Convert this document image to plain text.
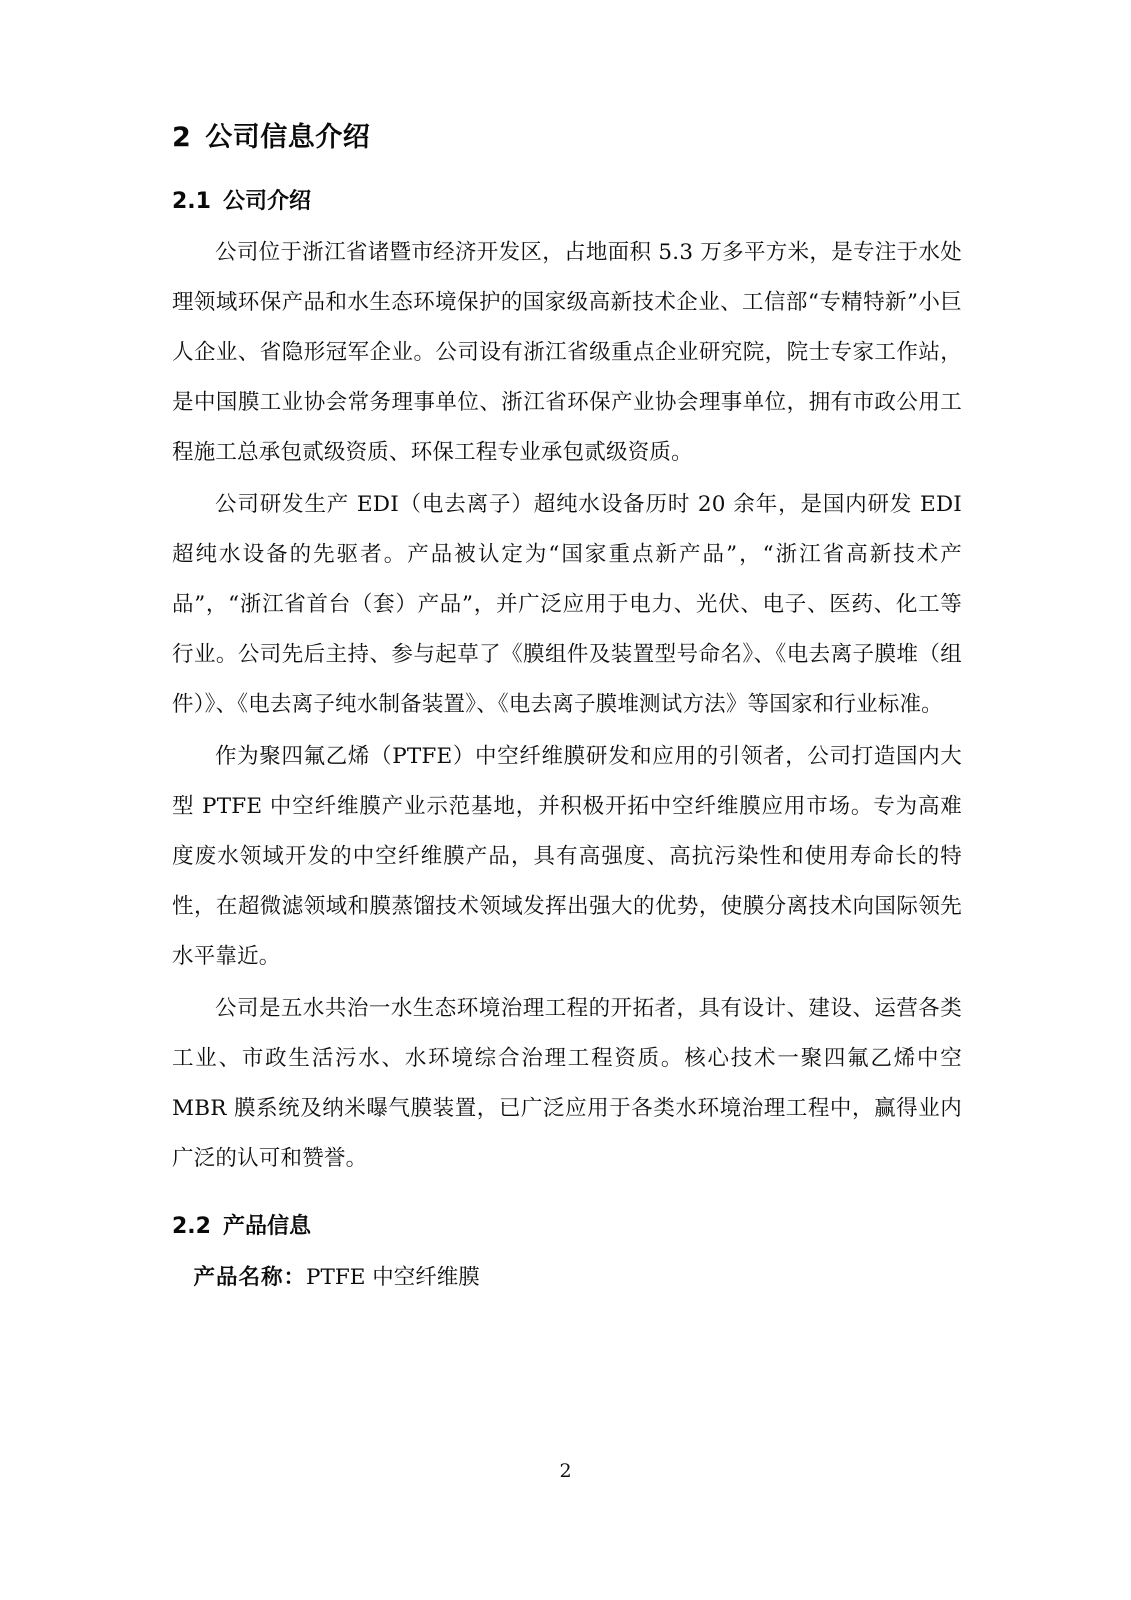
2 公司信息介绍
2.1 公司介绍

公司位于浙江省诸暨市经济开发区，占地面积 5.3 万多平方米，是专注于水处理领域环保产品和水生态环境保护的国家级高新技术企业、工信部“专精特新”小巨人企业、省隐形冠军企业。公司设有浙江省级重点企业研究院，院士专家工作站，是中国膜工业协会常务理事单位、浙江省环保产业协会理事单位，拥有市政公用工程施工总承包贰级资质、环保工程专业承包贰级资质。

公司研发生产 EDI（电去离子）超纯水设备历时 20 余年，是国内研发 EDI 超纯水设备的先驱者。产品被认定为“国家重点新产品”，“浙江省高新技术产品”，“浙江省首台（套）产品”，并广泛应用于电力、光伏、电子、医药、化工等行业。公司先后主持、参与起草了《膜组件及装置型号命名》、《电去离子膜堆（组件）》、《电去离子纯水制备装置》、《电去离子膜堆测试方法》等国家和行业标准。

作为聚四氟乙烯（PTFE）中空纤维膜研发和应用的引领者，公司打造国内大型 PTFE 中空纤维膜产业示范基地，并积极开拓中空纤维膜应用市场。专为高难度废水领域开发的中空纤维膜产品，具有高强度、高抗污染性和使用寿命长的特性，在超微滤领域和膜蒸馏技术领域发挥出强大的优势，使膜分离技术向国际领先水平靠近。

公司是五水共治一水生态环境治理工程的开拓者，具有设计、建设、运营各类工业、市政生活污水、水环境综合治理工程资质。核心技术一聚四氟乙烯中空 MBR 膜系统及纳米曝气膜装置，已广泛应用于各类水环境治理工程中，赢得业内广泛的认可和赞誉。

2.2 产品信息

产品名称：PTFE 中空纤维膜

2
